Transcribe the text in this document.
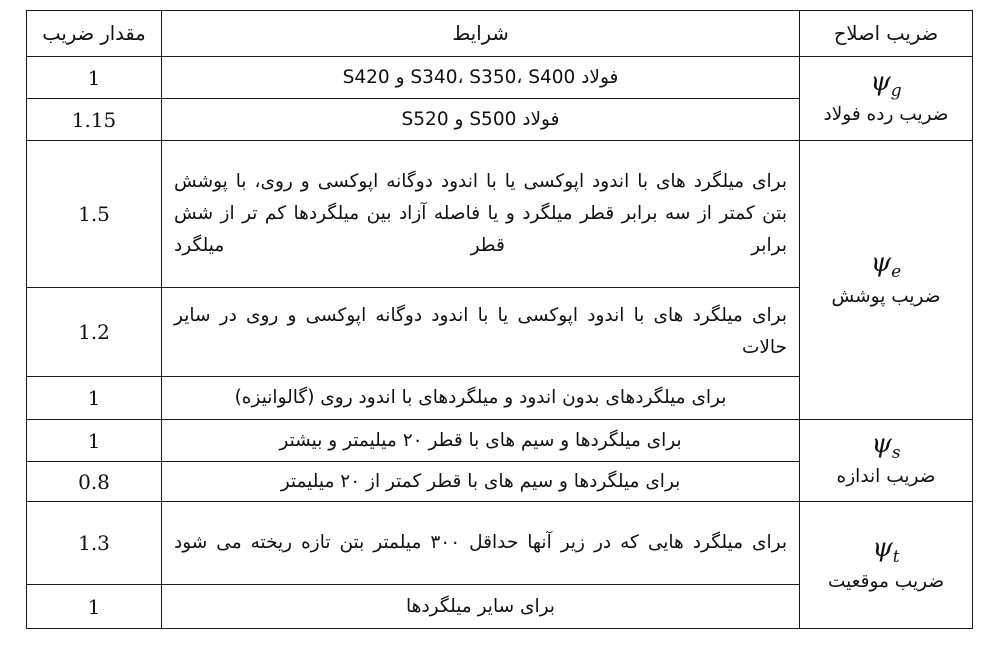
ضریب اصلاح	شرایط	مقدار ضریب

$\psi_g$
ضریب رده فولاد	فولاد S340، S350، S400 و S420	1
	فولاد S500 و S520	1.15

$\psi_e$
ضریب پوشش	برای میلگرد های با اندود اپوکسی یا با اندود دوگانه اپوکسی و روی، با پوشش بتن کمتر از سه برابر قطر میلگرد و یا فاصله آزاد بین میلگردها کم تر از شش برابر قطر میلگرد	1.5
	برای میلگرد های با اندود اپوکسی یا با اندود دوگانه اپوکسی و روی در سایر حالات	1.2
	برای میلگردهای بدون اندود و میلگردهای با اندود روی (گالوانیزه)	1

$\psi_s$
ضریب اندازه	برای میلگردها و سیم های با قطر ۲۰ میلیمتر و بیشتر	1
	برای میلگردها و سیم های با قطر کمتر از ۲۰ میلیمتر	0.8

$\psi_t$
ضریب موقعیت	برای میلگرد هایی که در زیر آنها حداقل ۳۰۰ میلمتر بتن تازه ریخته می شود	1.3
	برای سایر میلگردها	1
